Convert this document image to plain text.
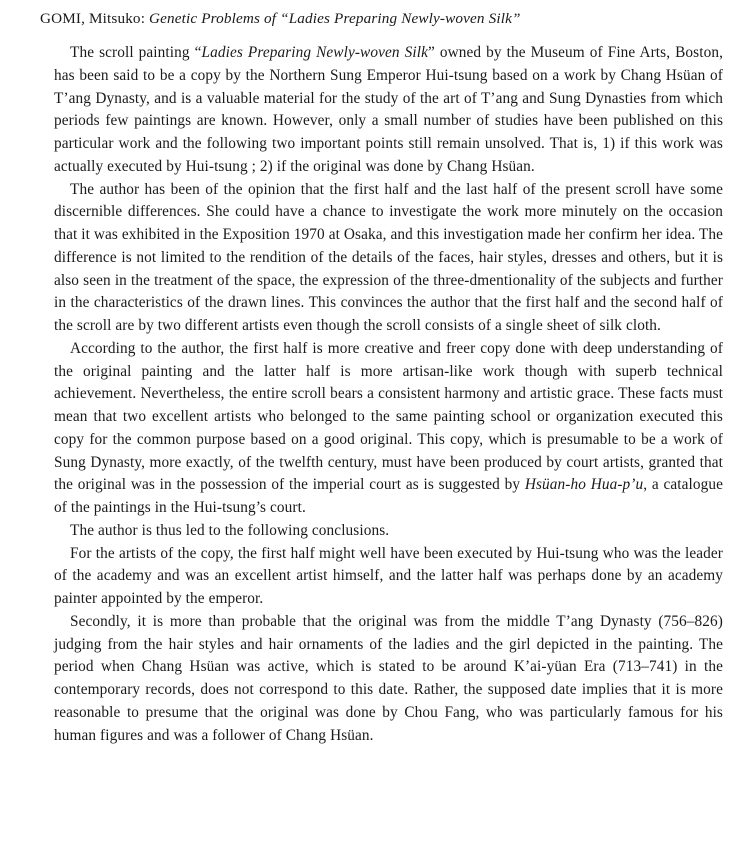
GOMI, Mitsuko: Genetic Problems of “Ladies Preparing Newly-woven Silk”

The scroll painting “Ladies Preparing Newly-woven Silk” owned by the Museum of Fine Arts, Boston, has been said to be a copy by the Northern Sung Emperor Hui-tsung based on a work by Chang Hsüan of T’ang Dynasty, and is a valuable material for the study of the art of T’ang and Sung Dynasties from which periods few paintings are known. However, only a small number of studies have been published on this particular work and the following two important points still remain unsolved. That is, 1) if this work was actually executed by Hui-tsung ; 2) if the original was done by Chang Hsüan.

The author has been of the opinion that the first half and the last half of the present scroll have some discernible differences. She could have a chance to investigate the work more minutely on the occasion that it was exhibited in the Exposition 1970 at Osaka, and this investigation made her confirm her idea. The difference is not limited to the rendition of the details of the faces, hair styles, dresses and others, but it is also seen in the treatment of the space, the expression of the three-dmentionality of the subjects and further in the characteristics of the drawn lines. This convinces the author that the first half and the second half of the scroll are by two different artists even though the scroll consists of a single sheet of silk cloth.

According to the author, the first half is more creative and freer copy done with deep understanding of the original painting and the latter half is more artisan-like work though with superb technical achievement. Nevertheless, the entire scroll bears a consistent harmony and artistic grace. These facts must mean that two excellent artists who belonged to the same painting school or organization executed this copy for the common purpose based on a good original. This copy, which is presumable to be a work of Sung Dynasty, more exactly, of the twelfth century, must have been produced by court artists, granted that the original was in the possession of the imperial court as is suggested by Hsüan-ho Hua-p’u, a catalogue of the paintings in the Hui-tsung’s court.

The author is thus led to the following conclusions.

For the artists of the copy, the first half might well have been executed by Hui-tsung who was the leader of the academy and was an excellent artist himself, and the latter half was perhaps done by an academy painter appointed by the emperor.

Secondly, it is more than probable that the original was from the middle T’ang Dynasty (756–826) judging from the hair styles and hair ornaments of the ladies and the girl depicted in the painting. The period when Chang Hsüan was active, which is stated to be around K’ai-yüan Era (713–741) in the contemporary records, does not correspond to this date. Rather, the supposed date implies that it is more reasonable to presume that the original was done by Chou Fang, who was particularly famous for his human figures and was a follower of Chang Hsüan.
